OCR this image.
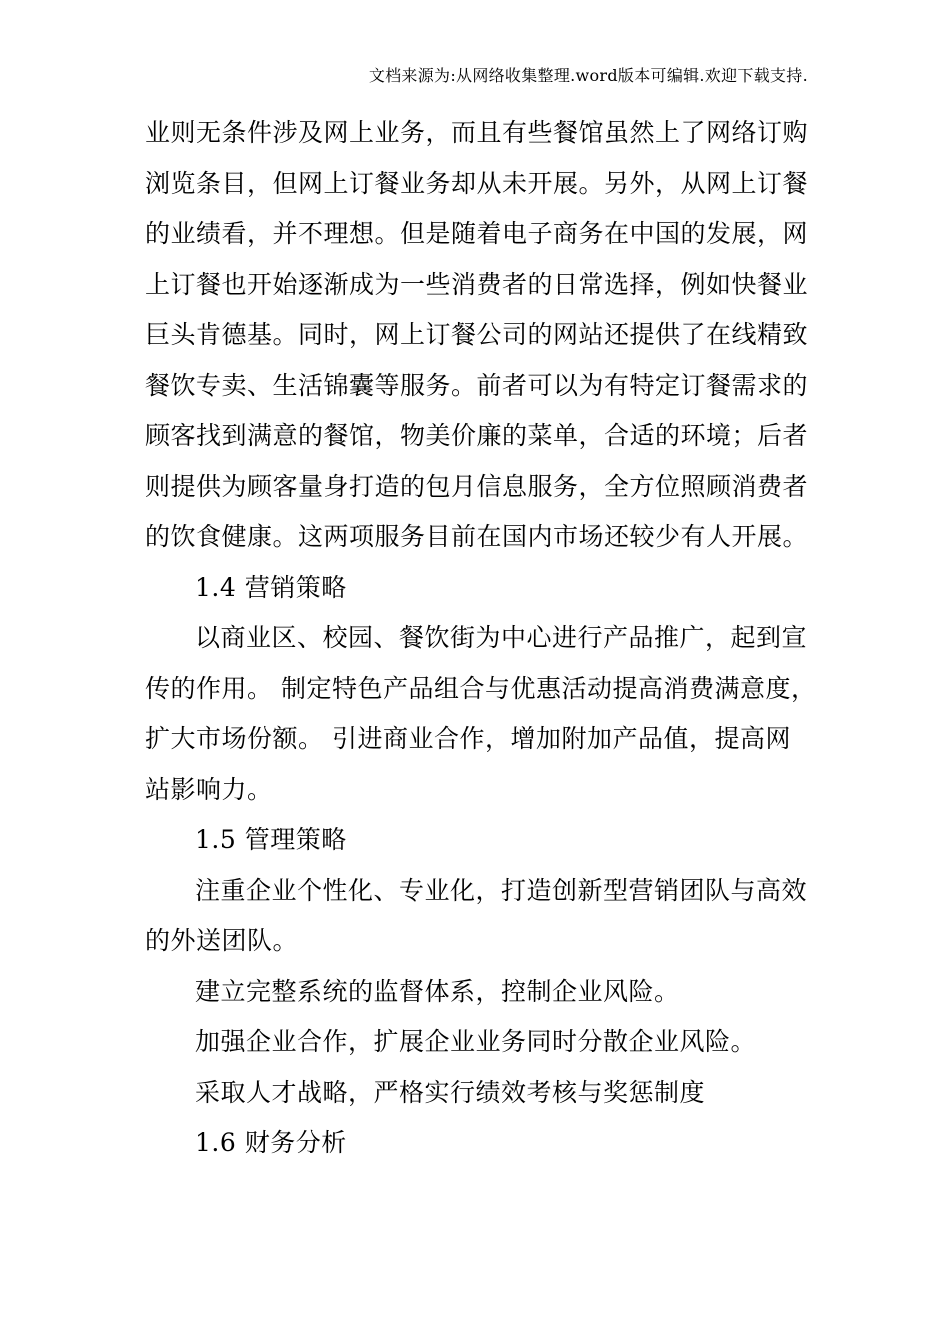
文档来源为:从网络收集整理.word版本可编辑.欢迎下载支持.
业则无条件涉及网上业务，而且有些餐馆虽然上了网络订购
浏览条目，但网上订餐业务却从未开展。另外，从网上订餐
的业绩看，并不理想。但是随着电子商务在中国的发展，网
上订餐也开始逐渐成为一些消费者的日常选择，例如快餐业
巨头肯德基。同时，网上订餐公司的网站还提供了在线精致
餐饮专卖、生活锦囊等服务。前者可以为有特定订餐需求的
顾客找到满意的餐馆，物美价廉的菜单，合适的环境；后者
则提供为顾客量身打造的包月信息服务，全方位照顾消费者
的饮食健康。这两项服务目前在国内市场还较少有人开展。
1.4 营销策略
以商业区、校园、餐饮街为中心进行产品推广，起到宣
传的作用。 制定特色产品组合与优惠活动提高消费满意度，
扩大市场份额。 引进商业合作，增加附加产品值，提高网
站影响力。
1.5 管理策略
注重企业个性化、专业化，打造创新型营销团队与高效
的外送团队。
建立完整系统的监督体系，控制企业风险。
加强企业合作，扩展企业业务同时分散企业风险。
采取人才战略，严格实行绩效考核与奖惩制度
1.6 财务分析
